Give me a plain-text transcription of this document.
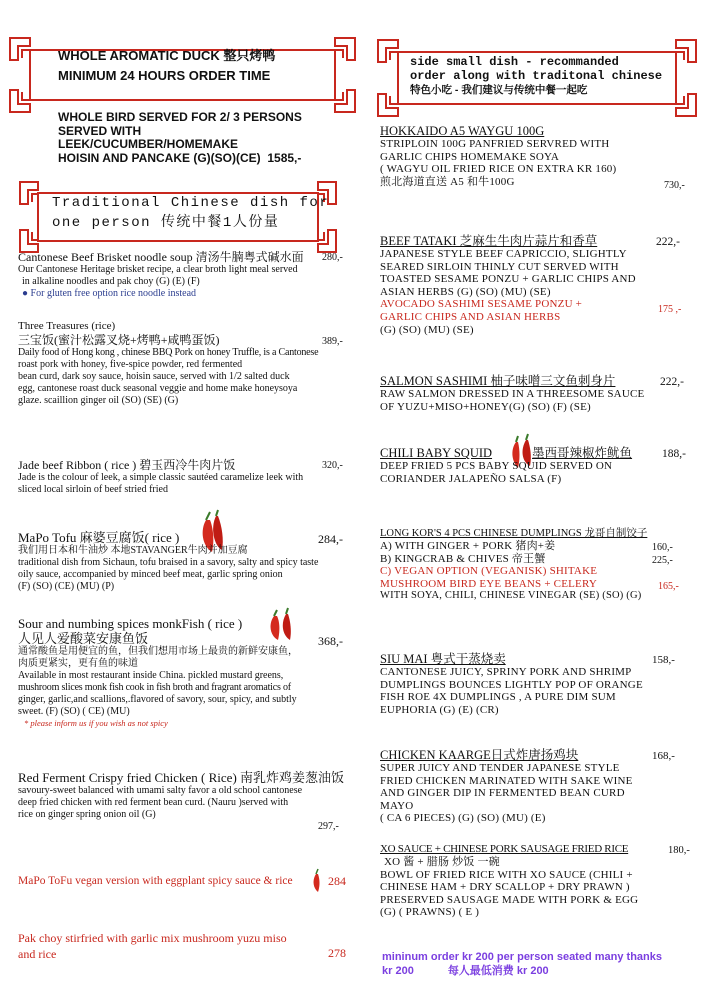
WHOLE AROMATIC DUCK 整只烤鸭
MINIMUM 24 HOURS ORDER TIME
WHOLE BIRD SERVED FOR 2/ 3 PERSONS
SERVED WITH
LEEK/CUCUMBER/HOMEMAKE
HOISIN AND PANCAKE (G)(SO)(CE) 1585,-
Traditional Chinese dish for
one person 传统中餐1人份量
Cantonese Beef Brisket noodle soup 清汤牛腩粤式碱水面
Our Cantonese Heritage brisket recipe, a clear broth light meal served
in alkaline noodles and pak choy (G) (E) (F)
● For gluten free option rice noodle instead
280,-
Three Treasures (rice)
三宝饭(蜜汁松露叉烧+烤鸭+咸鸭蛋饭)
Daily food of Hong kong , chinese BBQ Pork on honey Truffle, is a Cantonese
roast pork with honey, five-spice powder, red fermented
bean curd, dark soy sauce, hoisin sauce, served with 1/2 salted duck
egg, cantonese roast duck seasonal veggie and home make honeysoya
glaze. scaillion ginger oil (SO) (SE) (G)
389,-
Jade beef Ribbon ( rice ) 碧玉西冷牛肉片饭
Jade is the colour of leek, a simple classic sautéed caramelize leek with
sliced local sirloin of beef stried fried
320,-
MaPo Tofu 麻婆豆腐饭( rice )
我们用日本和牛油炒 本地STAVANGER牛肉并加豆腐
traditional dish from Sichaun, tofu braised in a savory, salty and spicy taste
oily sauce, accompanied by minced beef meat, garlic spring onion
(F) (SO) (CE) (MU) (P)
284,-
Sour and numbing spices monkFish ( rice )
人见人爱酸菜安康鱼饭
通常酸鱼是用便宜的鱼，但我们想用市场上最贵的新鲜安康鱼，
肉质更紧实，更有鱼的味道
Available in most restaurant inside China. pickled mustard greens,
mushroom slices monk fish cook in fish broth and fragrant aromatics of
ginger, garlic,and scallions,.flavored of savory, sour, spicy, and subtly
sweet. (F) (SO) ( CE) (MU)
* please inform us if you wish as not spicy
368,-
Red Ferment Crispy fried Chicken ( Rice) 南乳炸鸡姜葱油饭
savoury-sweet balanced with umami salty favor a old school cantonese
deep fried chicken with red ferment bean curd. (Nauru )served with
rice on ginger spring onion oil (G)
297,-
MaPo ToFu vegan version with eggplant spicy sauce & rice	284
Pak choy stirfried with garlic mix mushroom yuzu miso
and rice	278
side small dish - recommanded
order along with traditonal chinese
特色小吃 - 我们建议与传统中餐一起吃
HOKKAIDO A5 WAYGU 100G
STRIPLOIN 100G PANFRIED SERVRED WITH
GARLIC CHIPS HOMEMAKE SOYA
( WAGYU OIL FRIED RICE ON EXTRA KR 160)
煎北海道直送 A5 和牛100G	730,-
BEEF TATAKI 芝麻生牛肉片蒜片和香草
JAPANESE STYLE BEEF CAPRICCIO, SLIGHTLY
SEARED SIRLOIN THINLY CUT SERVED WITH
TOASTED SESAME PONZU + GARLIC CHIPS AND
ASIAN HERBS (G) (SO) (MU) (SE)
AVOCADO SASHIMI SESAME PONZU +
GARLIC CHIPS AND ASIAN HERBS
(G) (SO) (MU) (SE)
222,-
175 ,-
SALMON SASHIMI 柚子味噌三文鱼刺身片
RAW SALMON DRESSED IN A THREESOME SAUCE
OF YUZU+MISO+HONEY(G) (SO) (F) (SE)
222,-
CHILI BABY SQUID	墨西哥辣椒炸鱿鱼
DEEP FRIED 5 PCS BABY SQUID SERVED ON
CORIANDER JALAPEÑO SALSA (F)
188,-
LONG KOR'S 4 PCS CHINESE DUMPLINGS 龙哥自制饺子
A) WITH GINGER + PORK 猪肉+姜
B) KINGCRAB & CHIVES 帝王蟹
C) VEGAN OPTION (VEGANISK) SHITAKE
MUSHROOM BIRD EYE BEANS + CELERY
WITH SOYA, CHILI, CHINESE VINEGAR (SE) (SO) (G)
160,-
225,-
165,-
SIU MAI 粤式干蒸烧卖
CANTONESE JUICY, SPRINY PORK AND SHRIMP
DUMPLINGS BOUNCES LIGHTLY POP OF ORANGE
FISH ROE 4X DUMPLINGS , A PURE DIM SUM
EUPHORIA (G) (E) (CR)
158,-
CHICKEN KAARGE日式炸唐扬鸡块
SUPER JUICY AND TENDER JAPANESE STYLE
FRIED CHICKEN MARINATED WITH SAKE WINE
AND GINGER DIP IN FERMENTED BEAN CURD
MAYO
( CA 6 PIECES) (G) (SO) (MU) (E)
168,-
XO SAUCE + CHINESE PORK SAUSAGE FRIED RICE
XO 酱 + 腊肠 炒饭 一碗
BOWL OF FRIED RICE WITH XO SAUCE (CHILI +
CHINESE HAM + DRY SCALLOP + DRY PRAWN )
PRESERVED SAUSAGE MADE WITH PORK & EGG
(G) ( PRAWNS) ( E )
180,-
mininum order kr 200 per person seated many thanks
kr 200	每人最低消费 kr 200
